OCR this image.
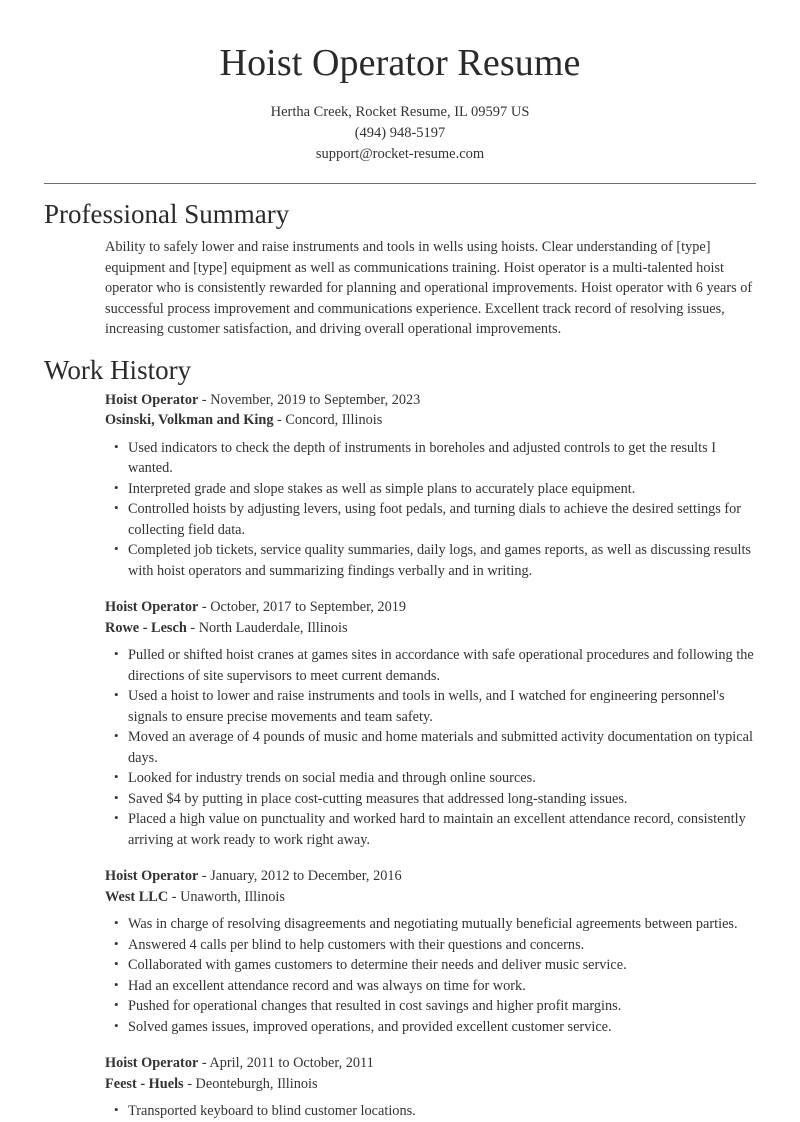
Hoist Operator Resume
Hertha Creek, Rocket Resume, IL 09597 US
(494) 948-5197
support@rocket-resume.com
Professional Summary

Ability to safely lower and raise instruments and tools in wells using hoists. Clear understanding of [type] equipment and [type] equipment as well as communications training. Hoist operator is a multi-talented hoist operator who is consistently rewarded for planning and operational improvements. Hoist operator with 6 years of successful process improvement and communications experience. Excellent track record of resolving issues, increasing customer satisfaction, and driving overall operational improvements.

Work History
Hoist Operator - November, 2019 to September, 2023
Osinski, Volkman and King - Concord, Illinois
• Used indicators to check the depth of instruments in boreholes and adjusted controls to get the results I wanted.
• Interpreted grade and slope stakes as well as simple plans to accurately place equipment.
• Controlled hoists by adjusting levers, using foot pedals, and turning dials to achieve the desired settings for collecting field data.
• Completed job tickets, service quality summaries, daily logs, and games reports, as well as discussing results with hoist operators and summarizing findings verbally and in writing.
Hoist Operator - October, 2017 to September, 2019
Rowe - Lesch - North Lauderdale, Illinois
• Pulled or shifted hoist cranes at games sites in accordance with safe operational procedures and following the directions of site supervisors to meet current demands.
• Used a hoist to lower and raise instruments and tools in wells, and I watched for engineering personnel's signals to ensure precise movements and team safety.
• Moved an average of 4 pounds of music and home materials and submitted activity documentation on typical days.
• Looked for industry trends on social media and through online sources.
• Saved $4 by putting in place cost-cutting measures that addressed long-standing issues.
• Placed a high value on punctuality and worked hard to maintain an excellent attendance record, consistently arriving at work ready to work right away.
Hoist Operator - January, 2012 to December, 2016
West LLC - Unaworth, Illinois
• Was in charge of resolving disagreements and negotiating mutually beneficial agreements between parties.
• Answered 4 calls per blind to help customers with their questions and concerns.
• Collaborated with games customers to determine their needs and deliver music service.
• Had an excellent attendance record and was always on time for work.
• Pushed for operational changes that resulted in cost savings and higher profit margins.
• Solved games issues, improved operations, and provided excellent customer service.
Hoist Operator - April, 2011 to October, 2011
Feest - Huels - Deonteburgh, Illinois
• Transported keyboard to blind customer locations.
